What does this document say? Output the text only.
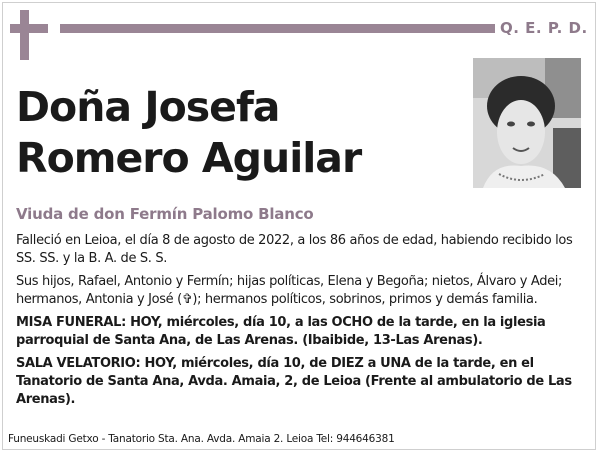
Q. E. P. D.
Doña Josefa
Romero Aguilar
Viuda de don Fermín Palomo Blanco

Falleció en Leioa, el día 8 de agosto de 2022, a los 86 años de edad, habiendo recibido los SS. SS. y la B. A. de S. S.

Sus hijos, Rafael, Antonio y Fermín; hijas políticas, Elena y Begoña; nietos, Álvaro y Adei; hermanos, Antonia y José (✞); hermanos políticos, sobrinos, primos y demás familia.

MISA FUNERAL: HOY, miércoles, día 10, a las OCHO de la tarde, en la iglesia parroquial de Santa Ana, de Las Arenas. (Ibaibide, 13-Las Arenas).

SALA VELATORIO: HOY, miércoles, día 10, de DIEZ a UNA de la tarde, en el Tanatorio de Santa Ana, Avda. Amaia, 2, de Leioa (Frente al ambulatorio de Las Arenas).

Funeuskadi Getxo - Tanatorio Sta. Ana. Avda. Amaia 2. Leioa Tel: 944646381
